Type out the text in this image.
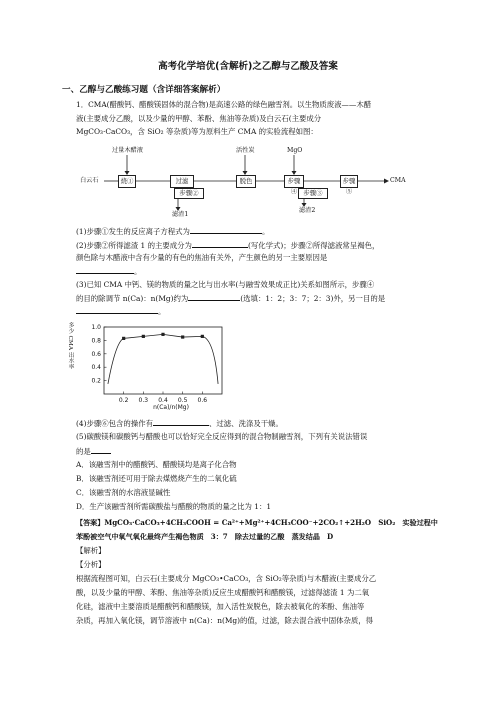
高考化学培优(含解析)之乙醇与乙酸及答案
一、乙醇与乙酸练习题（含详细答案解析）
1．CMA(醋酸钙、醋酸镁固体的混合物)是高速公路的绿色融雪剂。以生物质废液——木醋
液(主要成分乙酸，以及少量的甲醇、苯酚、焦油等杂质)及白云石(主要成分
MgCO₃·CaCO₃，含 SiO₂ 等杂质)等为原料生产 CMA 的实验流程如图：
过量木醋液	活性炭	MgO
白云石	烧①	过滤	脱色	步骤④
步骤⑤
步骤②	步骤③
CMA
滤渣1
滤渣2
(1)步骤①发生的反应离子方程式为	。
(2)步骤②所得滤渣 1 的主要成分为	(写化学式)；步骤②所得滤液常呈褐色，
颜色除与木醋液中含有少量的有色的焦油有关外，产生颜色的另一主要原因是
。
(3)已知 CMA 中钙、镁的物质的量之比与出水率(与融雪效果成正比)关系如图所示，步骤④
的目的除调节 n(Ca)：n(Mg)约为	(选填：1：2；3：7；2：3)外，另一目的是
。
0.2
0.4
0.6
0.8
1.0
0.2 0.3 0.4 0.5 0.6
n(Ca)/n(Mg)
多少 CMA 出水率
(4)步骤⑥包含的操作有	、过滤、洗涤及干燥。
(5)碳酸镁和碳酸钙与醋酸也可以恰好完全反应得到的混合物制融雪剂，下列有关说法错误
的是
A．该融雪剂中的醋酸钙、醋酸镁均是离子化合物
B．该融雪剂还可用于除去煤燃烧产生的二氧化硫
C．该融雪剂的水溶液显碱性
D．生产该融雪剂所需碳酸盐与醋酸的物质的量之比为 1：1
【答案】MgCO₃·CaCO₃+4CH₃COOH = Ca²⁺+Mg²⁺+4CH₃COO⁻+2CO₂↑+2H₂O　SiO₂　实验过程中
苯酚被空气中氧气氧化最终产生褐色物质　3：7　除去过量的乙酸　蒸发结晶　D
【解析】
【分析】
根据流程图可知，白云石(主要成分 MgCO₃•CaCO₃，含 SiO₂等杂质)与木醋液(主要成分乙
酸，以及少量的甲醇、苯酚、焦油等杂质)反应生成醋酸钙和醋酸镁，过滤得滤渣 1 为二氧
化硅，滤液中主要溶质是醋酸钙和醋酸镁，加入活性炭脱色，除去被氧化的苯酚、焦油等
杂质，再加入氧化镁，调节溶液中 n(Ca)：n(Mg)的值，过滤，除去混合液中固体杂质，得
